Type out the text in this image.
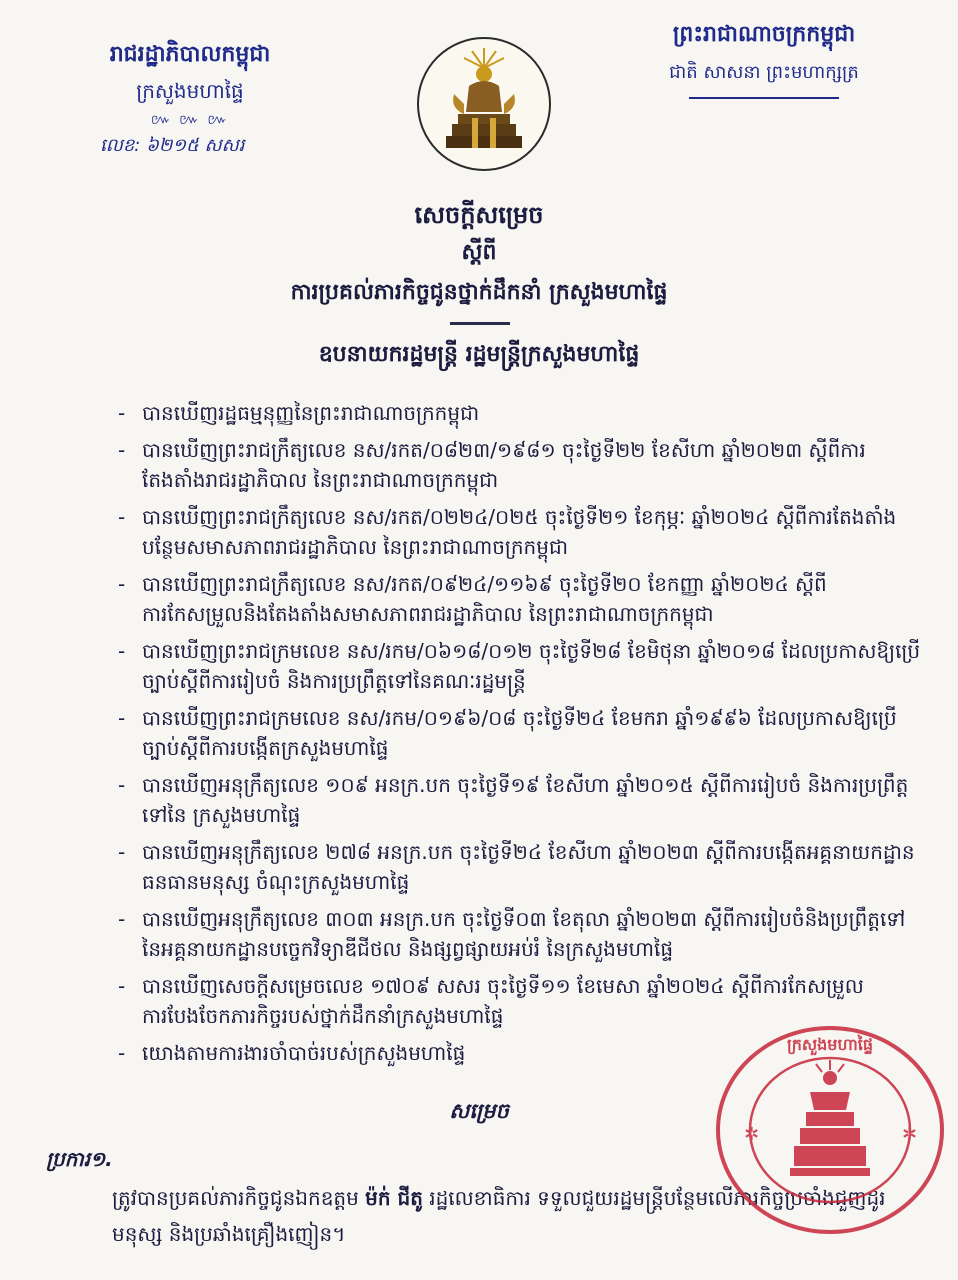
រាជរដ្ឋាភិបាលកម្ពុជា
ក្រសួងមហាផ្ទៃ
៚ ៚ ៚
លេខ: ៦២១៥ សសរ
ព្រះរាជាណាចក្រកម្ពុជា
ជាតិ សាសនា ព្រះមហាក្សត្រ
សេចក្ដីសម្រេច
ស្ដីពី
ការប្រគល់ភារកិច្ចជូនថ្នាក់ដឹកនាំ ក្រសួងមហាផ្ទៃ
ឧបនាយករដ្ឋមន្ត្រី រដ្ឋមន្ត្រីក្រសួងមហាផ្ទៃ
- បានឃើញរដ្ឋធម្មនុញ្ញនៃព្រះរាជាណាចក្រកម្ពុជា
- បានឃើញព្រះរាជក្រឹត្យលេខ នស/រកត/០៨២៣/១៩៨១ ចុះថ្ងៃទី២២ ខែសីហា ឆ្នាំ២០២៣ ស្ដីពីការតែងតាំងរាជរដ្ឋាភិបាល នៃព្រះរាជាណាចក្រកម្ពុជា
- បានឃើញព្រះរាជក្រឹត្យលេខ នស/រកត/០២២៤/០២៥ ចុះថ្ងៃទី២១ ខែកុម្ភៈ ឆ្នាំ២០២៤ ស្ដីពីការតែងតាំងបន្ថែមសមាសភាពរាជរដ្ឋាភិបាល នៃព្រះរាជាណាចក្រកម្ពុជា
- បានឃើញព្រះរាជក្រឹត្យលេខ នស/រកត/០៩២៤/១១៦៩ ចុះថ្ងៃទី២០ ខែកញ្ញា ឆ្នាំ២០២៤ ស្ដីពីការកែសម្រួលនិងតែងតាំងសមាសភាពរាជរដ្ឋាភិបាល នៃព្រះរាជាណាចក្រកម្ពុជា
- បានឃើញព្រះរាជក្រមលេខ នស/រកម/០៦១៨/០១២ ចុះថ្ងៃទី២៨ ខែមិថុនា ឆ្នាំ២០១៨ ដែលប្រកាសឱ្យប្រើច្បាប់ស្ដីពីការរៀបចំ និងការប្រព្រឹត្តទៅនៃគណៈរដ្ឋមន្ត្រី
- បានឃើញព្រះរាជក្រមលេខ នស/រកម/០១៩៦/០៨ ចុះថ្ងៃទី២៤ ខែមករា ឆ្នាំ១៩៩៦ ដែលប្រកាសឱ្យប្រើច្បាប់ស្ដីពីការបង្កើតក្រសួងមហាផ្ទៃ
- បានឃើញអនុក្រឹត្យលេខ ១០៩ អនក្រ.បក ចុះថ្ងៃទី១៩ ខែសីហា ឆ្នាំ២០១៥ ស្ដីពីការរៀបចំ និងការប្រព្រឹត្តទៅនៃ ក្រសួងមហាផ្ទៃ
- បានឃើញអនុក្រឹត្យលេខ ២៧៨ អនក្រ.បក ចុះថ្ងៃទី២៤ ខែសីហា ឆ្នាំ២០២៣ ស្ដីពីការបង្កើតអគ្គនាយកដ្ឋានធនធានមនុស្ស ចំណុះក្រសួងមហាផ្ទៃ
- បានឃើញអនុក្រឹត្យលេខ ៣០៣ អនក្រ.បក ចុះថ្ងៃទី០៣ ខែតុលា ឆ្នាំ២០២៣ ស្ដីពីការរៀបចំនិងប្រព្រឹត្តទៅ នៃអគ្គនាយកដ្ឋានបច្ចេកវិទ្យាឌីជីថល និងផ្សព្វផ្សាយអប់រំ នៃក្រសួងមហាផ្ទៃ
- បានឃើញសេចក្ដីសម្រេចលេខ ១៧០៩ សសរ ចុះថ្ងៃទី១១ ខែមេសា ឆ្នាំ២០២៤ ស្ដីពីការកែសម្រួលការបែងចែកភារកិច្ចរបស់ថ្នាក់ដឹកនាំក្រសួងមហាផ្ទៃ
- យោងតាមការងារចាំបាច់របស់ក្រសួងមហាផ្ទៃ
សម្រេច
ប្រការ១.
ត្រូវបានប្រគល់ភារកិច្ចជូនឯកឧត្ដម ម៉ក់ ជីតូ រដ្ឋលេខាធិការ ទទួលជួយរដ្ឋមន្ត្រីបន្ថែមលើភារកិច្ចប្រចាំងជួញដូរមនុស្ស និងប្រឆាំងគ្រឿងញៀន។
ក្រសួងមហាផ្ទៃ
✲	✲
